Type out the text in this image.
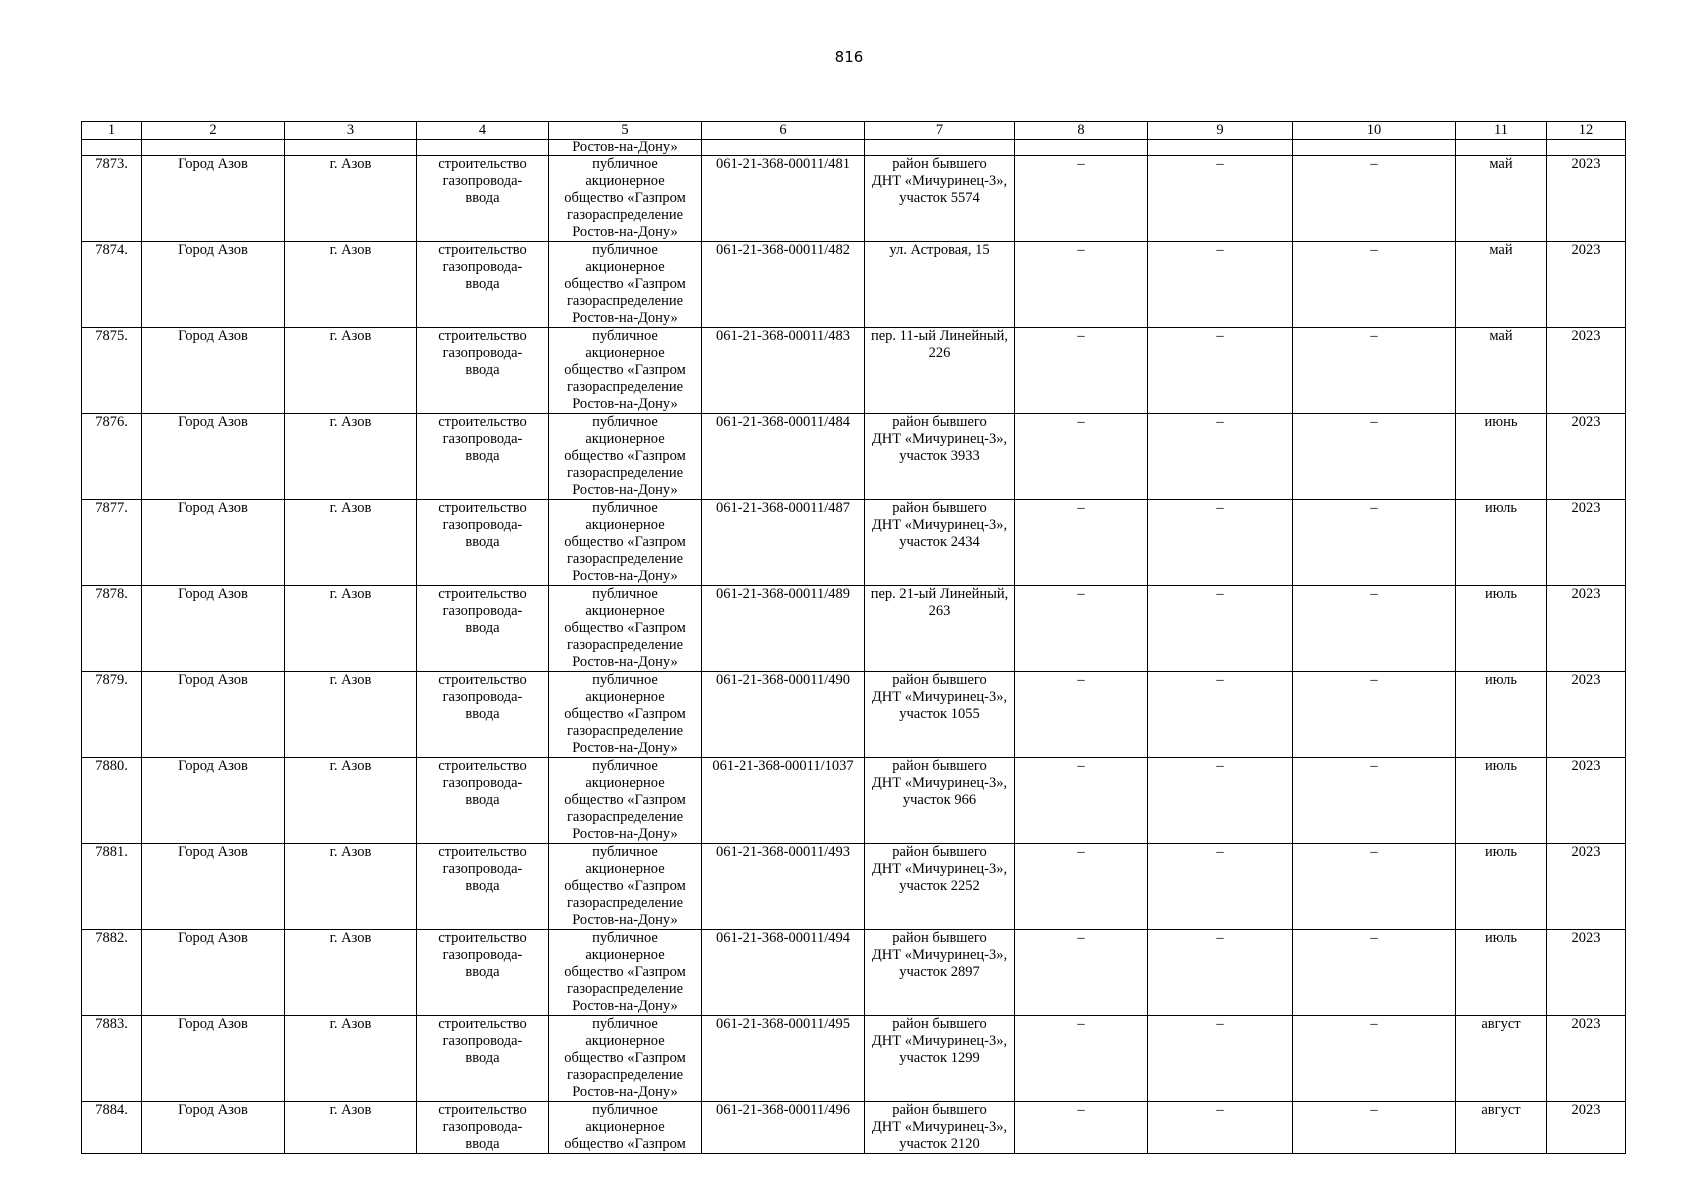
816
1	2	3	4	5	6	7	8	9	10	11	12
				Ростов-на-Дону»							
7873.	Город Азов	г. Азов	строительство
газопровода-
ввода	публичное
акционерное
общество «Газпром
газораспределение
Ростов-на-Дону»	061-21-368-00011/481	район бывшего
ДНТ «Мичуринец-3»,
участок 5574	–	–	–	май	2023
7874.	Город Азов	г. Азов	строительство
газопровода-
ввода	публичное
акционерное
общество «Газпром
газораспределение
Ростов-на-Дону»	061-21-368-00011/482	ул. Астровая, 15	–	–	–	май	2023
7875.	Город Азов	г. Азов	строительство
газопровода-
ввода	публичное
акционерное
общество «Газпром
газораспределение
Ростов-на-Дону»	061-21-368-00011/483	пер. 11-ый Линейный,
226	–	–	–	май	2023
7876.	Город Азов	г. Азов	строительство
газопровода-
ввода	публичное
акционерное
общество «Газпром
газораспределение
Ростов-на-Дону»	061-21-368-00011/484	район бывшего
ДНТ «Мичуринец-3»,
участок 3933	–	–	–	июнь	2023
7877.	Город Азов	г. Азов	строительство
газопровода-
ввода	публичное
акционерное
общество «Газпром
газораспределение
Ростов-на-Дону»	061-21-368-00011/487	район бывшего
ДНТ «Мичуринец-3»,
участок 2434	–	–	–	июль	2023
7878.	Город Азов	г. Азов	строительство
газопровода-
ввода	публичное
акционерное
общество «Газпром
газораспределение
Ростов-на-Дону»	061-21-368-00011/489	пер. 21-ый Линейный,
263	–	–	–	июль	2023
7879.	Город Азов	г. Азов	строительство
газопровода-
ввода	публичное
акционерное
общество «Газпром
газораспределение
Ростов-на-Дону»	061-21-368-00011/490	район бывшего
ДНТ «Мичуринец-3»,
участок 1055	–	–	–	июль	2023
7880.	Город Азов	г. Азов	строительство
газопровода-
ввода	публичное
акционерное
общество «Газпром
газораспределение
Ростов-на-Дону»	061-21-368-00011/1037	район бывшего
ДНТ «Мичуринец-3»,
участок 966	–	–	–	июль	2023
7881.	Город Азов	г. Азов	строительство
газопровода-
ввода	публичное
акционерное
общество «Газпром
газораспределение
Ростов-на-Дону»	061-21-368-00011/493	район бывшего
ДНТ «Мичуринец-3»,
участок 2252	–	–	–	июль	2023
7882.	Город Азов	г. Азов	строительство
газопровода-
ввода	публичное
акционерное
общество «Газпром
газораспределение
Ростов-на-Дону»	061-21-368-00011/494	район бывшего
ДНТ «Мичуринец-3»,
участок 2897	–	–	–	июль	2023
7883.	Город Азов	г. Азов	строительство
газопровода-
ввода	публичное
акционерное
общество «Газпром
газораспределение
Ростов-на-Дону»	061-21-368-00011/495	район бывшего
ДНТ «Мичуринец-3»,
участок 1299	–	–	–	август	2023
7884.	Город Азов	г. Азов	строительство
газопровода-
ввода	публичное
акционерное
общество «Газпром	061-21-368-00011/496	район бывшего
ДНТ «Мичуринец-3»,
участок 2120	–	–	–	август	2023
